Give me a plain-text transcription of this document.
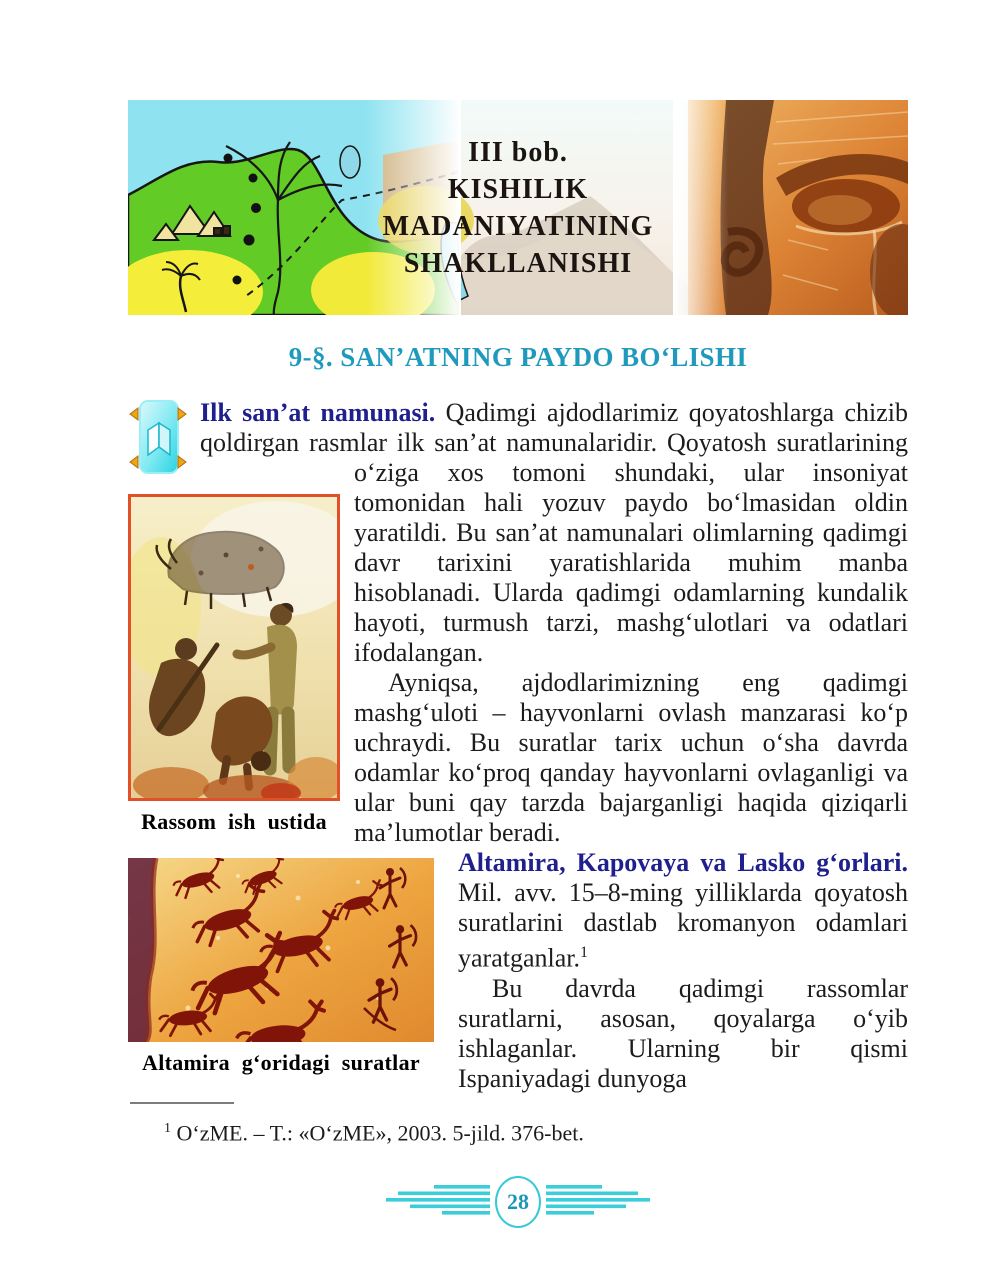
III bob.
KISHILIK
MADANIYATINING
SHAKLLANISHI
9-§. SAN’ATNING PAYDO BO‘LISHI
Rassom ish ustida

Ilk san’at namunasi. Qadimgi ajdodlarimiz qoyatoshlarga chizib qoldirgan rasmlar ilk san’at namunalaridir. Qoyatosh suratlarining o‘ziga xos tomoni shundaki, ular insoniyat tomonidan hali yozuv paydo bo‘lmasidan oldin yaratildi. Bu san’at namunalari olimlarning qadimgi davr tarixini yaratishlarida muhim manba hisoblanadi. Ularda qadimgi odamlarning kundalik hayoti, turmush tarzi, mashg‘ulotlari va odatlari ifodalangan.

Ayniqsa, ajdodlarimizning eng qadimgi mashg‘uloti – hayvonlarni ovlash manzarasi ko‘p uchraydi. Bu suratlar tarix uchun o‘sha davrda odamlar ko‘proq qanday hayvonlarni ovlaganligi va ular buni qay tarzda bajarganligi haqida qiziqarli ma’lumotlar beradi.

Altamira g‘oridagi suratlar

Altamira, Kapovaya va Lasko g‘orlari. Mil. avv. 15–8-ming yilliklarda qoyatosh suratlarini dastlab kromanyon odamlari yaratganlar.$^1$

Bu davrda qadimgi rassomlar suratlarni, asosan, qoyalarga o‘yib ishlaganlar. Ularning bir qismi Ispaniyadagi dunyoga

$^1$ O‘zME. – T.: «O‘zME», 2003. 5-jild. 376-bet.
28
